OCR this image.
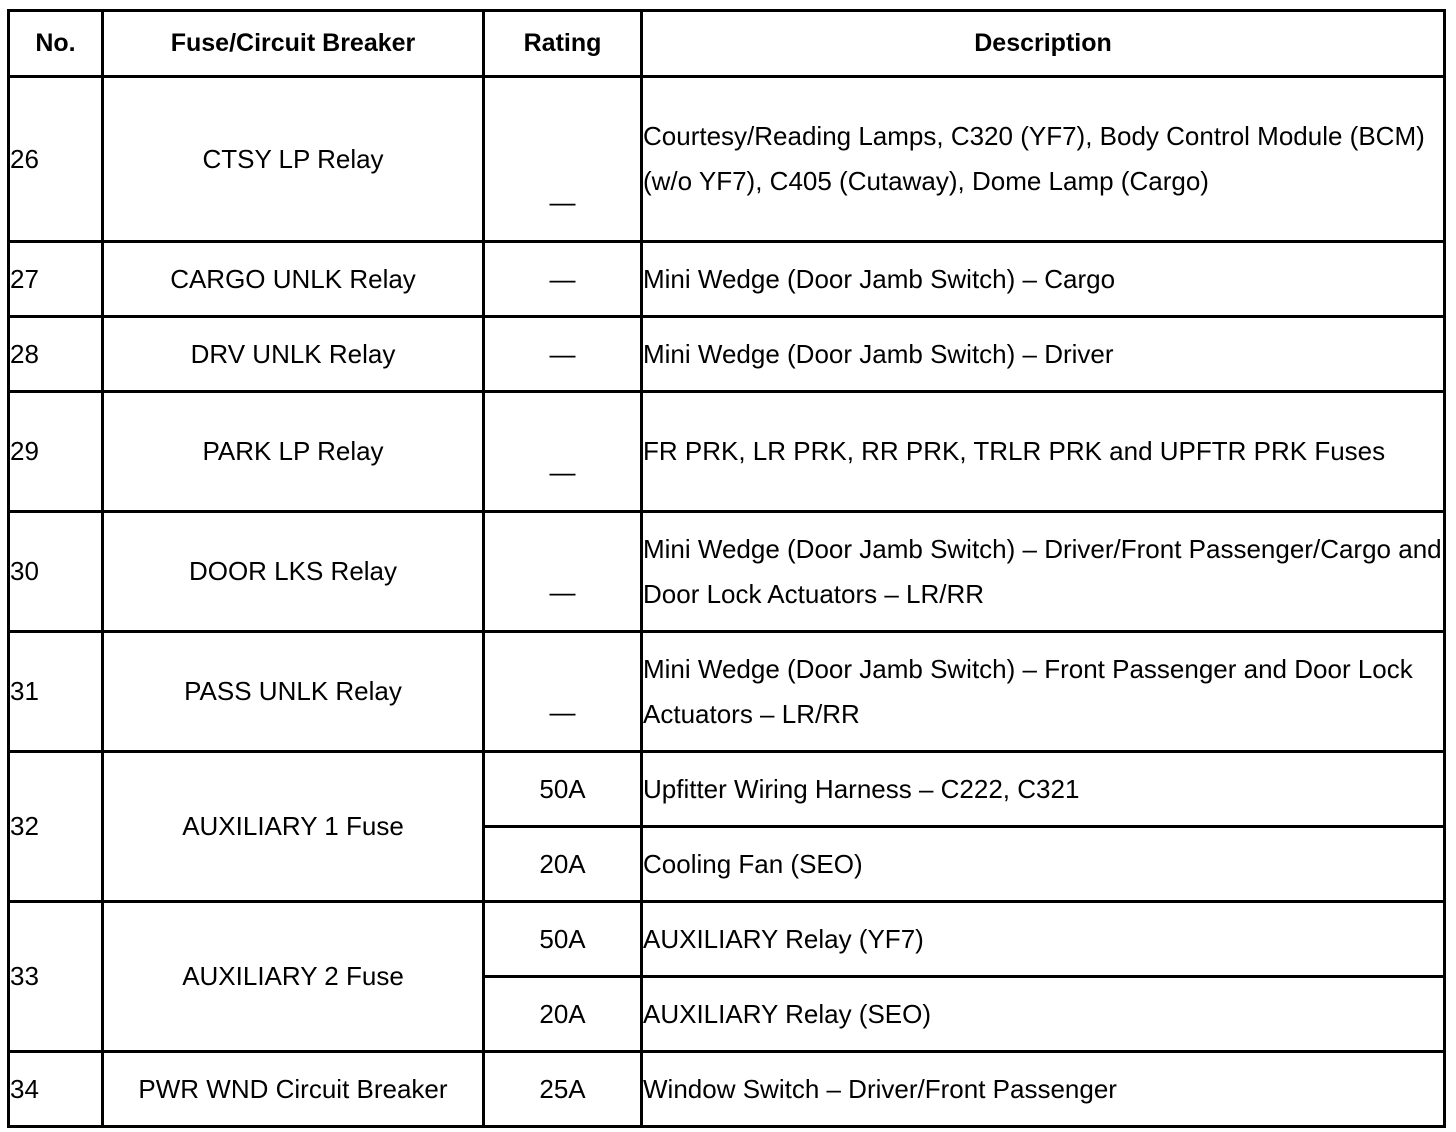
No.	Fuse/Circuit Breaker	Rating	Description
26	CTSY LP Relay	—	Courtesy/Reading Lamps, C320 (YF7), Body Control Module (BCM) (w/o YF7), C405 (Cutaway), Dome Lamp (Cargo)
27	CARGO UNLK Relay	—	Mini Wedge (Door Jamb Switch) – Cargo
28	DRV UNLK Relay	—	Mini Wedge (Door Jamb Switch) – Driver
29	PARK LP Relay	—	FR PRK, LR PRK, RR PRK, TRLR PRK and UPFTR PRK Fuses
30	DOOR LKS Relay	—	Mini Wedge (Door Jamb Switch) – Driver/Front Passenger/Cargo and Door Lock Actuators – LR/RR
31	PASS UNLK Relay	—	Mini Wedge (Door Jamb Switch) – Front Passenger and Door Lock Actuators – LR/RR
32	AUXILIARY 1 Fuse	50A	Upfitter Wiring Harness – C222, C321
		20A	Cooling Fan (SEO)
33	AUXILIARY 2 Fuse	50A	AUXILIARY Relay (YF7)
		20A	AUXILIARY Relay (SEO)
34	PWR WND Circuit Breaker	25A	Window Switch – Driver/Front Passenger
